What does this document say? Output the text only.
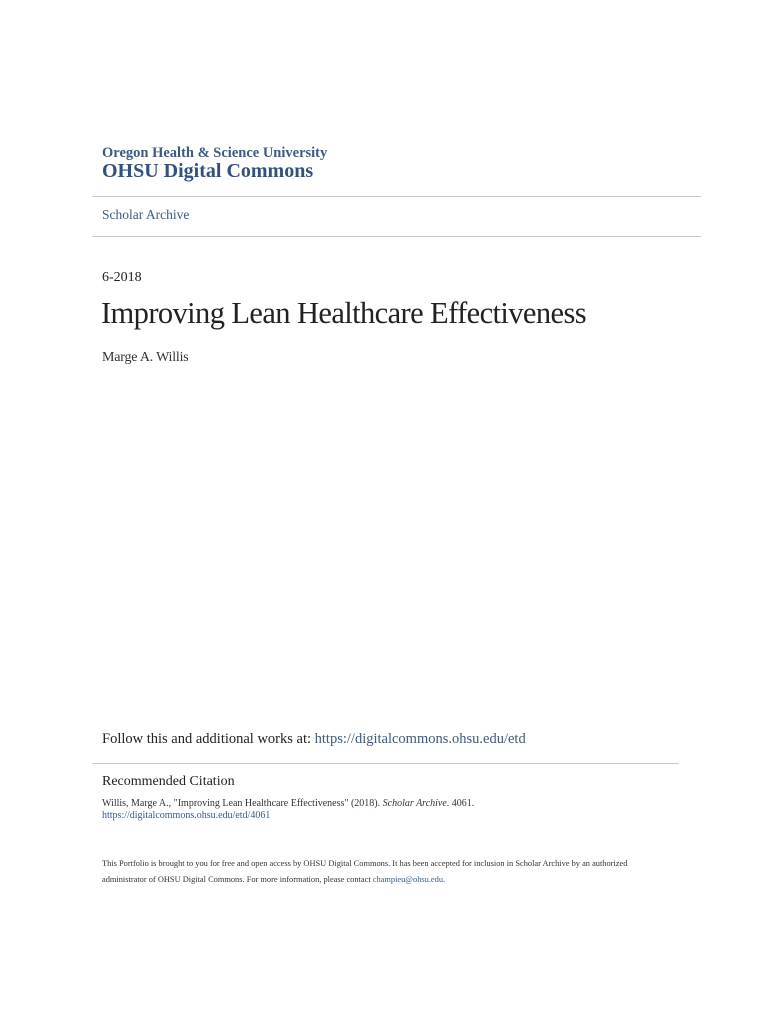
Oregon Health & Science University
OHSU Digital Commons
Scholar Archive
6-2018
Improving Lean Healthcare Effectiveness
Marge A. Willis
Follow this and additional works at: https://digitalcommons.ohsu.edu/etd
Recommended Citation
Willis, Marge A., "Improving Lean Healthcare Effectiveness" (2018). Scholar Archive. 4061.
https://digitalcommons.ohsu.edu/etd/4061
This Portfolio is brought to you for free and open access by OHSU Digital Commons. It has been accepted for inclusion in Scholar Archive by an authorized administrator of OHSU Digital Commons. For more information, please contact champieu@ohsu.edu.
